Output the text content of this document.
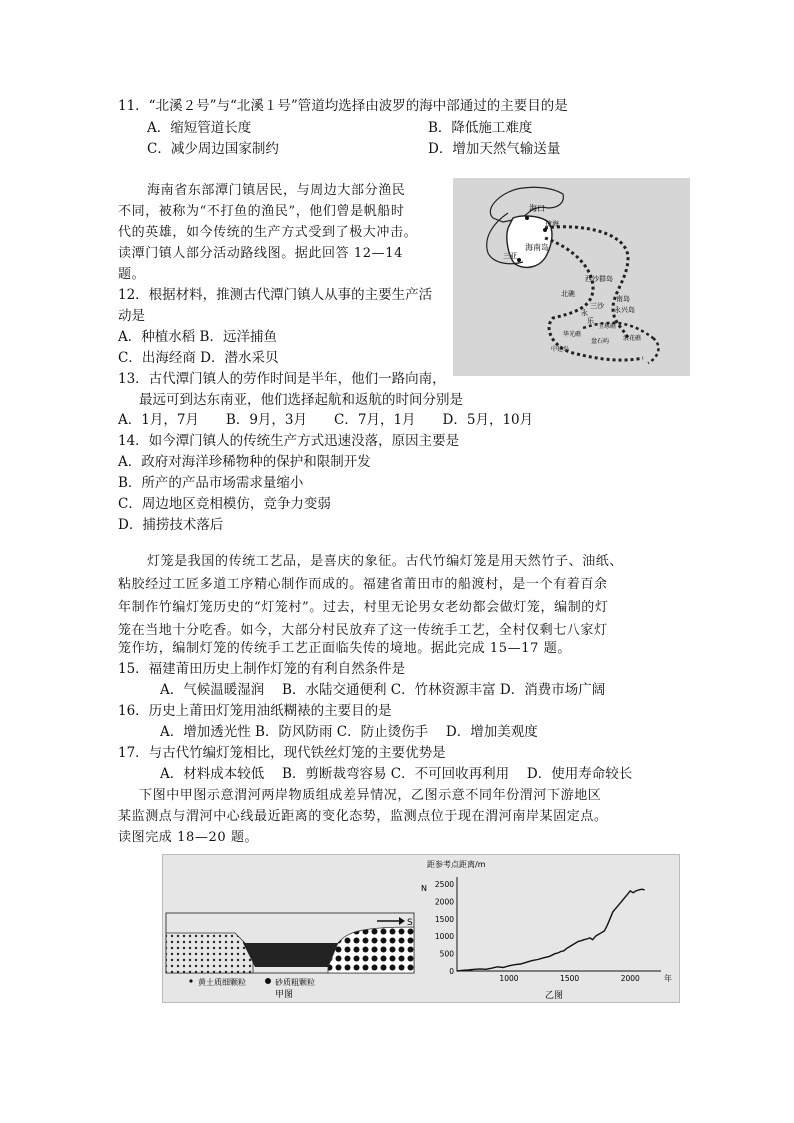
11．“北溪２号”与“北溪１号”管道均选择由波罗的海中部通过的主要目的是
A．缩短管道长度	B．降低施工难度
C．减少周边国家制约	D．增加天然气输送量
海南省东部潭门镇居民，与周边大部分渔民
不同，被称为“不打鱼的渔民”，他们曾是帆船时
代的英雄，如今传统的生产方式受到了极大冲击。
读潭门镇人部分活动路线图。据此回答 12—14
题。
海口
琼海
三亚
海南岛
西沙群岛
北礁
南岛
三沙 永兴岛
永
乐
玉琢礁
浪花礁
华光礁
盘石屿
中建岛
12．根据材料，推测古代潭门镇人从事的主要生产活
动是
A．种植水稻 B．远洋捕鱼
C．出海经商 D．潜水采贝
13．古代潭门镇人的劳作时间是半年，他们一路向南，
最远可到达东南亚，他们选择起航和返航的时间分别是
A．1月，7月　　B．9月，3月　　C．7月，1月　　D．5月，10月
14．如今潭门镇人的传统生产方式迅速没落，原因主要是
A．政府对海洋珍稀物种的保护和限制开发
B．所产的产品市场需求量缩小
C．周边地区竞相模仿，竞争力变弱
D．捕捞技术落后
灯笼是我国的传统工艺品，是喜庆的象征。古代竹编灯笼是用天然竹子、油纸、
粘胶经过工匠多道工序精心制作而成的。福建省莆田市的船渡村，是一个有着百余
年制作竹编灯笼历史的“灯笼村”。过去，村里无论男女老幼都会做灯笼，编制的灯
笼在当地十分吃香。如今，大部分村民放弃了这一传统手工艺，全村仅剩七八家灯
笼作坊，编制灯笼的传统手工艺正面临失传的境地。据此完成 15—17 题。
15．福建莆田历史上制作灯笼的有利自然条件是
A．气候温暖湿润　 B．水陆交通便利 C．竹林资源丰富 D．消费市场广阔
16．历史上莆田灯笼用油纸糊裱的主要目的是
A．增加透光性 B．防风防雨 C．防止烫伤手　 D．增加美观度
17．与古代竹编灯笼相比，现代铁丝灯笼的主要优势是
A．材料成本较低　 B．剪断裁弯容易 C．不可回收再利用　 D．使用寿命较长
下图中甲图示意渭河两岸物质组成差异情况，乙图示意不同年份渭河下游地区
某监测点与渭河中心线最近距离的变化态势，监测点位于现在渭河南岸某固定点。
读图完成 18—20 题。
S
黄土质细颗粒	砂质粗颗粒
甲图
距参考点距离/m
N
0
500
1000
1500
2000
2500
1000	1500	2000	年
乙图
